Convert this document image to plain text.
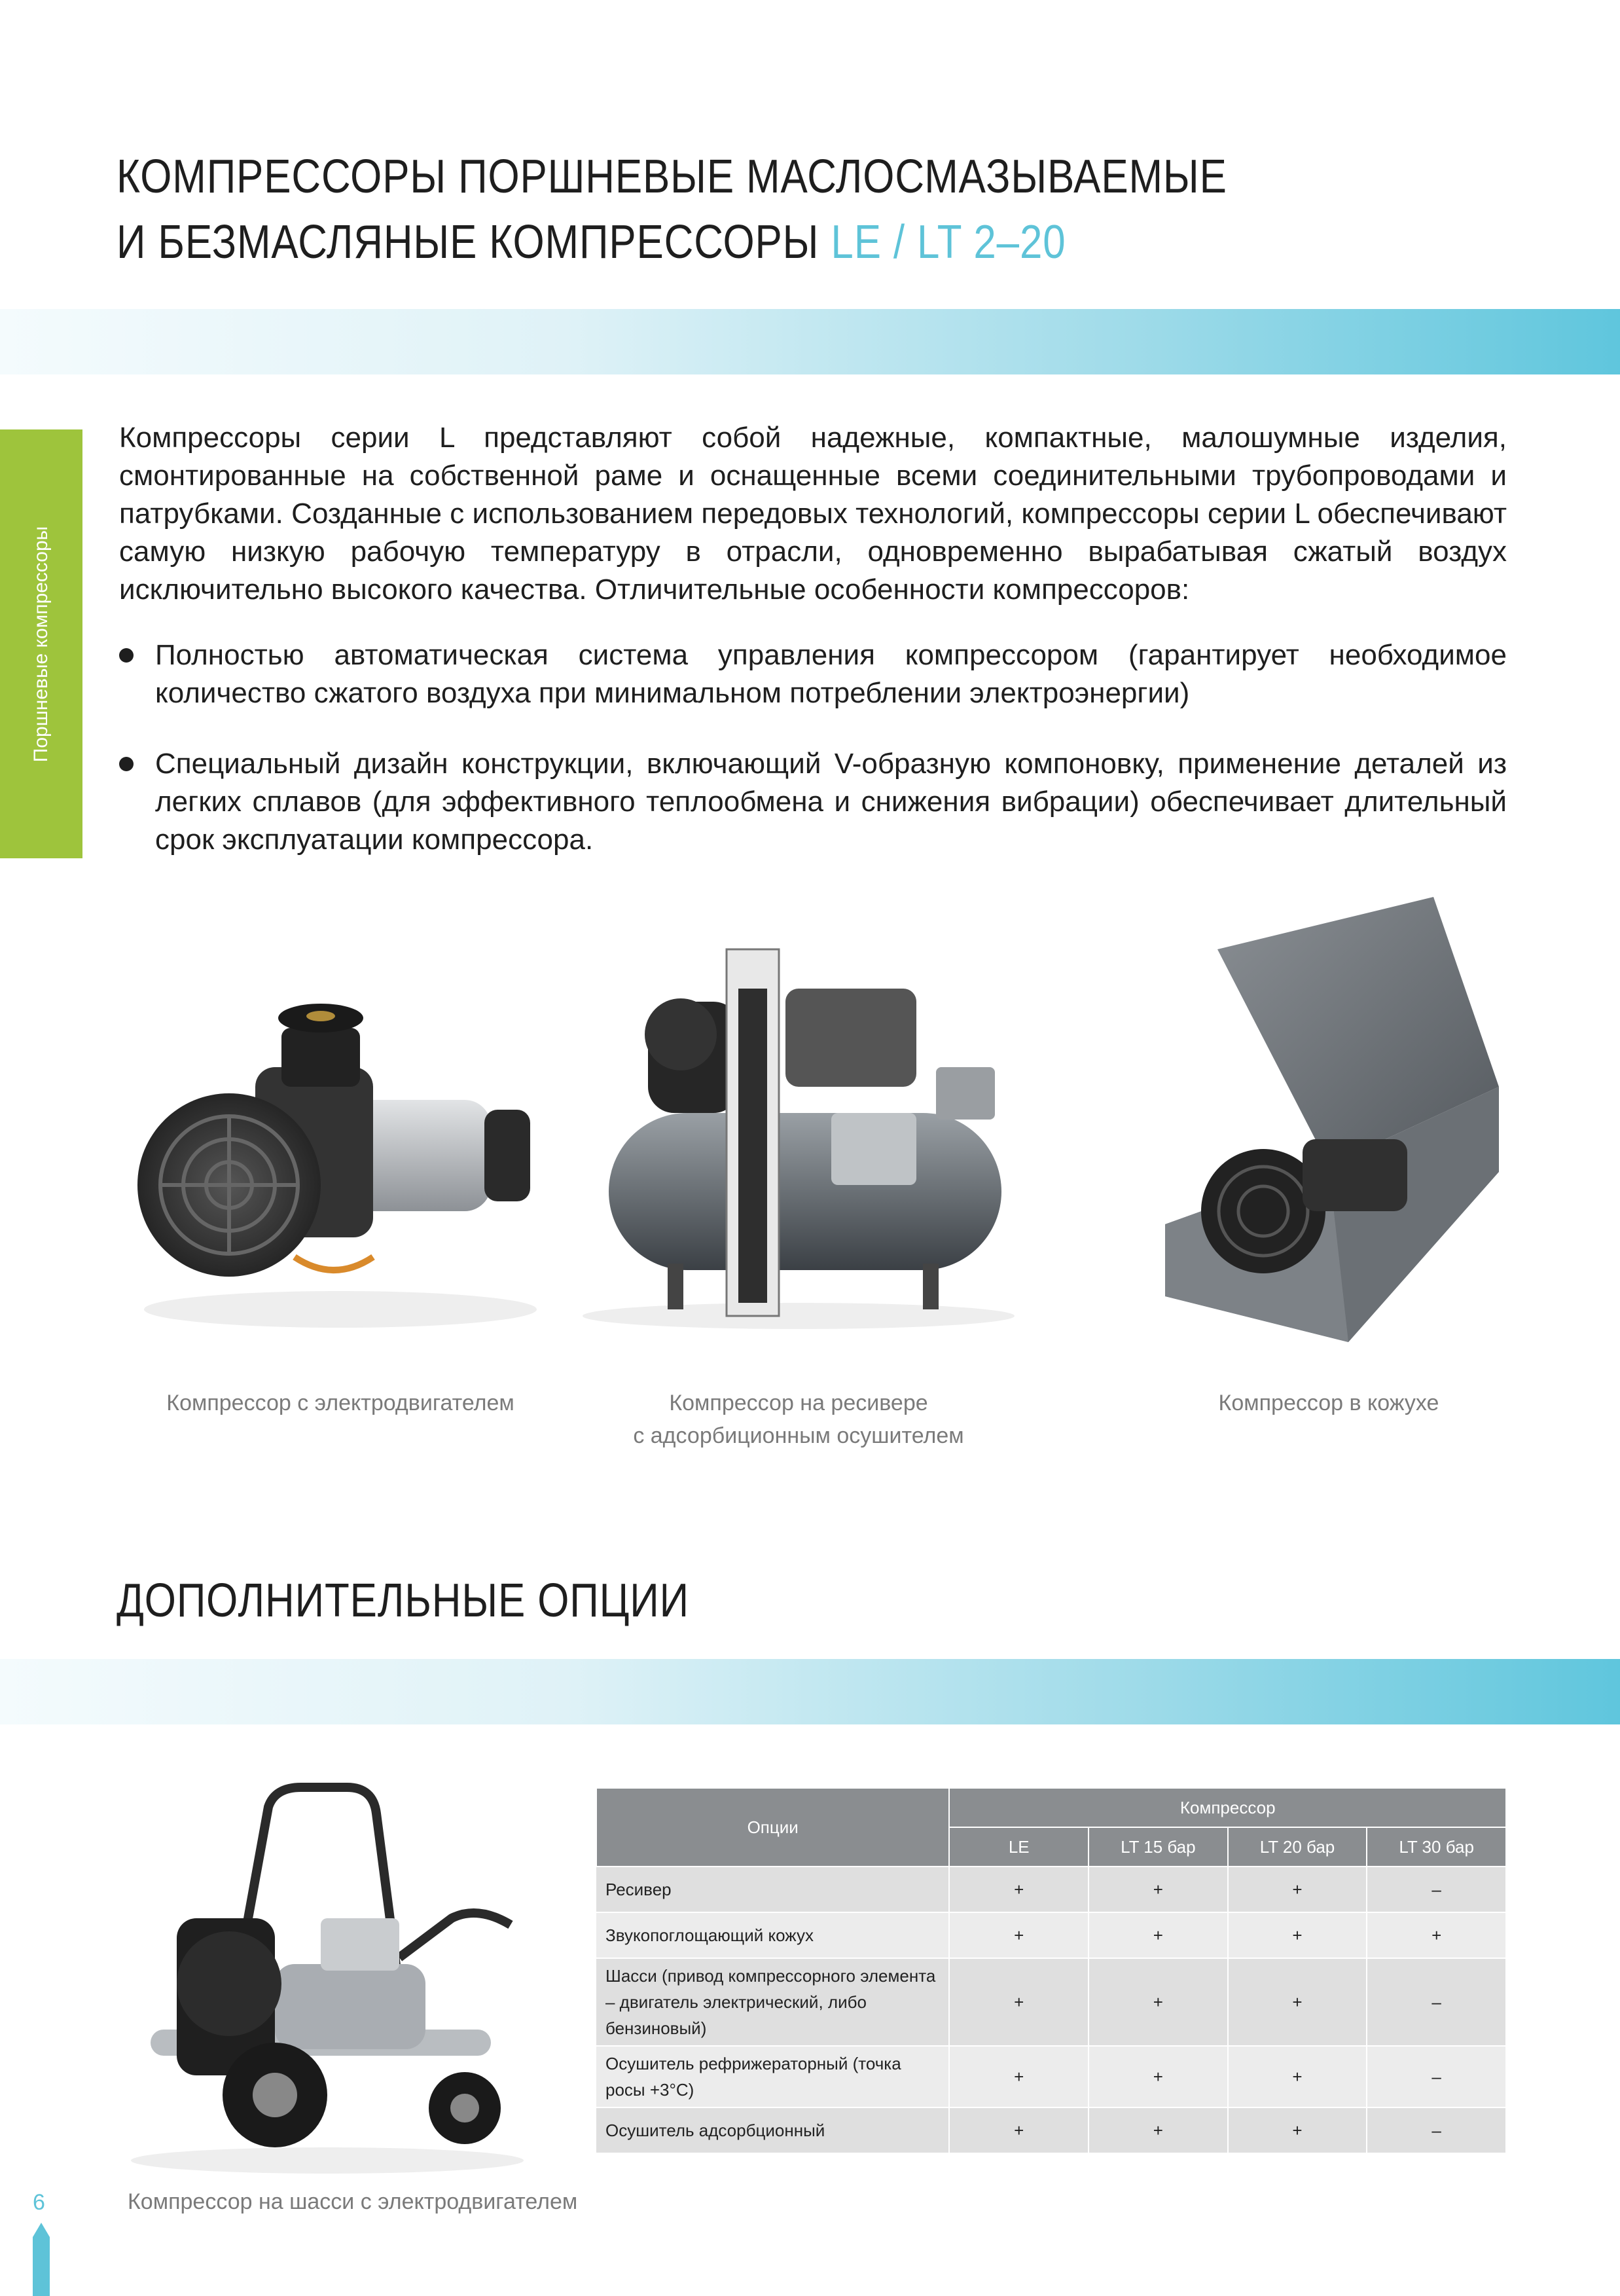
КОМПРЕССОРЫ ПОРШНЕВЫЕ МАСЛОСМАЗЫВАЕМЫЕ
И БЕЗМАСЛЯНЫЕ КОМПРЕССОРЫ LE / LT 2–20
Поршневые компрессоры
Компрессоры серии L представляют собой надежные, компактные, малошумные изделия, смонтированные на собственной раме и оснащенные всеми соединительными трубопроводами и патрубками. Созданные с использованием передовых технологий, компрессоры серии L обеспечивают самую низкую рабочую температуру в отрасли, одновременно вырабатывая сжатый воздух исключительно высокого качества. Отличительные особенности компрессоров:
Полностью автоматическая система управления компрессором (гарантирует необходимое количество сжатого воздуха при минимальном потреблении электроэнергии)
Специальный дизайн конструкции, включающий V-образную компоновку, применение деталей из легких сплавов (для эффективного теплообмена и снижения вибрации) обеспечивает длительный срок эксплуатации компрессора.
Компрессор с электродвигателем	Компрессор на ресивере
с адсорбиционным осушителем
Компрессор в кожухе
ДОПОЛНИТЕЛЬНЫЕ ОПЦИИ
Компрессор на шасси с электродвигателем
Опции	Компрессор			
	LE	LT 15 бар	LT 20 бар	LT 30 бар
Ресивер	+	+	+	–
Звукопоглощающий кожух	+	+	+	+
Шасси (привод компрессорного элемента – двигатель электрический, либо бензиновый)	+	+	+	–
Осушитель рефрижераторный (точка росы +3°С)	+	+	+	–
Осушитель адсорбционный	+	+	+	–
6
